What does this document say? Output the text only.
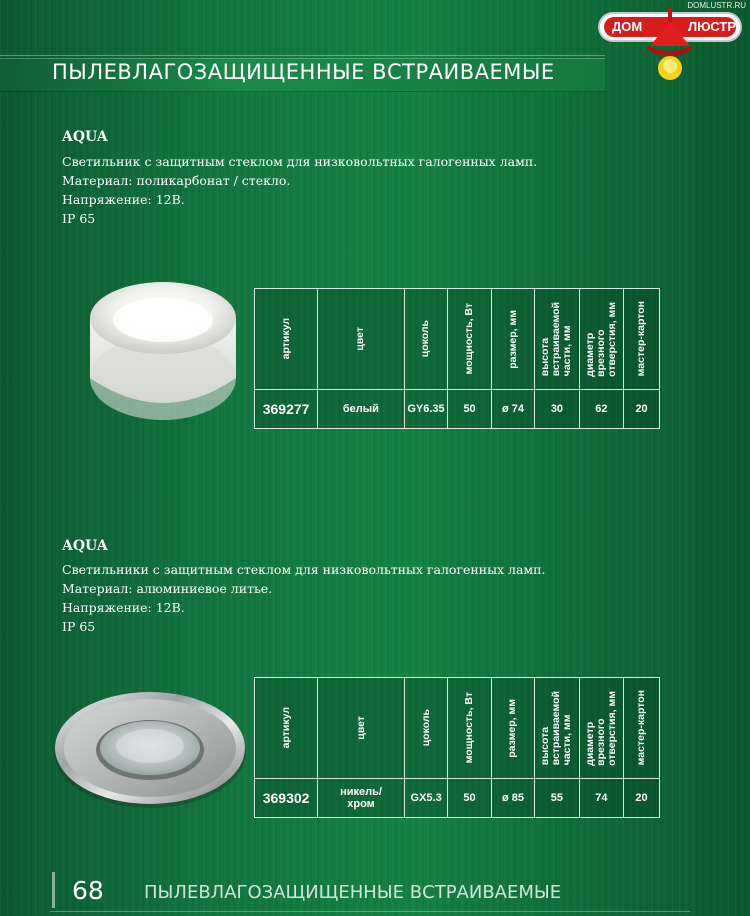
ПЫЛЕВЛАГОЗАЩИЩЕННЫЕ ВСТРАИВАЕМЫЕ
DOMLUSTR.RU
ДОМ	ЛЮСТР
AQUA
Светильник с защитным стеклом для низковольтных галогенных ламп.
Материал: поликарбонат / стекло.
Напряжение: 12В.
IP 65
артикул	цвет	цоколь	мощность, Вт	размер, мм	высота
встраиваемой
части, мм	диаметр
врезного
отверстия, мм	мастер-картон

369277	белый	GY6.35	50	ø 74	30	62	20
AQUA
Светильники с защитным стеклом для низковольтных галогенных ламп.
Материал: алюминиевое литье.
Напряжение: 12В.
IP 65
артикул	цвет	цоколь	мощность, Вт	размер, мм	высота
встраиваемой
части, мм	диаметр
врезного
отверстия, мм	мастер-картон

369302	никель/
хром	GX5.3	50	ø 85	55	74	20
68 ПЫЛЕВЛАГОЗАЩИЩЕННЫЕ ВСТРАИВАЕМЫЕ
